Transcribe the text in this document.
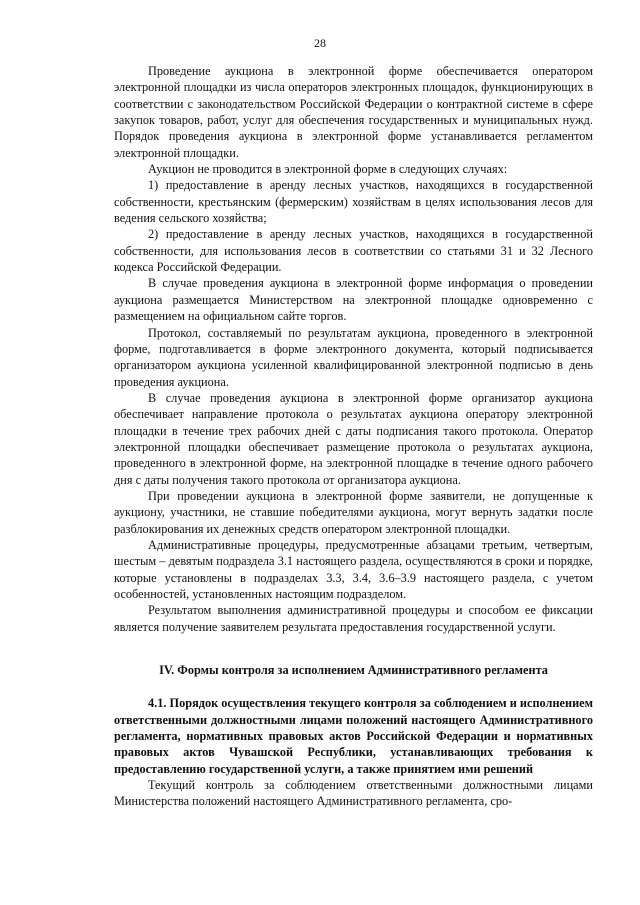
28

Проведение аукциона в электронной форме обеспечивается оператором электронной площадки из числа операторов электронных площадок, функционирующих в соответствии с законодательством Российской Федерации о контрактной системе в сфере закупок товаров, работ, услуг для обеспечения государственных и муниципальных нужд. Порядок проведения аукциона в электронной форме устанавливается регламентом электронной площадки.

Аукцион не проводится в электронной форме в следующих случаях:

1) предоставление в аренду лесных участков, находящихся в государственной собственности, крестьянским (фермерским) хозяйствам в целях использования лесов для ведения сельского хозяйства;

2) предоставление в аренду лесных участков, находящихся в государственной собственности, для использования лесов в соответствии со статьями 31 и 32 Лесного кодекса Российской Федерации.

В случае проведения аукциона в электронной форме информация о проведении аукциона размещается Министерством на электронной площадке одновременно с размещением на официальном сайте торгов.

Протокол, составляемый по результатам аукциона, проведенного в электронной форме, подготавливается в форме электронного документа, который подписывается организатором аукциона усиленной квалифицированной электронной подписью в день проведения аукциона.

В случае проведения аукциона в электронной форме организатор аукциона обеспечивает направление протокола о результатах аукциона оператору электронной площадки в течение трех рабочих дней с даты подписания такого протокола. Оператор электронной площадки обеспечивает размещение протокола о результатах аукциона, проведенного в электронной форме, на электронной площадке в течение одного рабочего дня с даты получения такого протокола от организатора аукциона.

При проведении аукциона в электронной форме заявители, не допущенные к аукциону, участники, не ставшие победителями аукциона, могут вернуть задатки после разблокирования их денежных средств оператором электронной площадки.

Административные процедуры, предусмотренные абзацами третьим, четвертым, шестым – девятым подраздела 3.1 настоящего раздела, осуществляются в сроки и порядке, которые установлены в подразделах 3.3, 3.4, 3.6–3.9 настоящего раздела, с учетом особенностей, установленных настоящим подразделом.

Результатом выполнения административной процедуры и способом ее фиксации является получение заявителем результата предоставления государственной услуги.

IV. Формы контроля за исполнением Административного регламента

4.1. Порядок осуществления текущего контроля за соблюдением и исполнением ответственными должностными лицами положений настоящего Административного регламента, нормативных правовых актов Российской Федерации и нормативных правовых актов Чувашской Республики, устанавливающих требования к предоставлению государственной услуги, а также принятием ими решений

Текущий контроль за соблюдением ответственными должностными лицами Министерства положений настоящего Административного регламента, сро-
